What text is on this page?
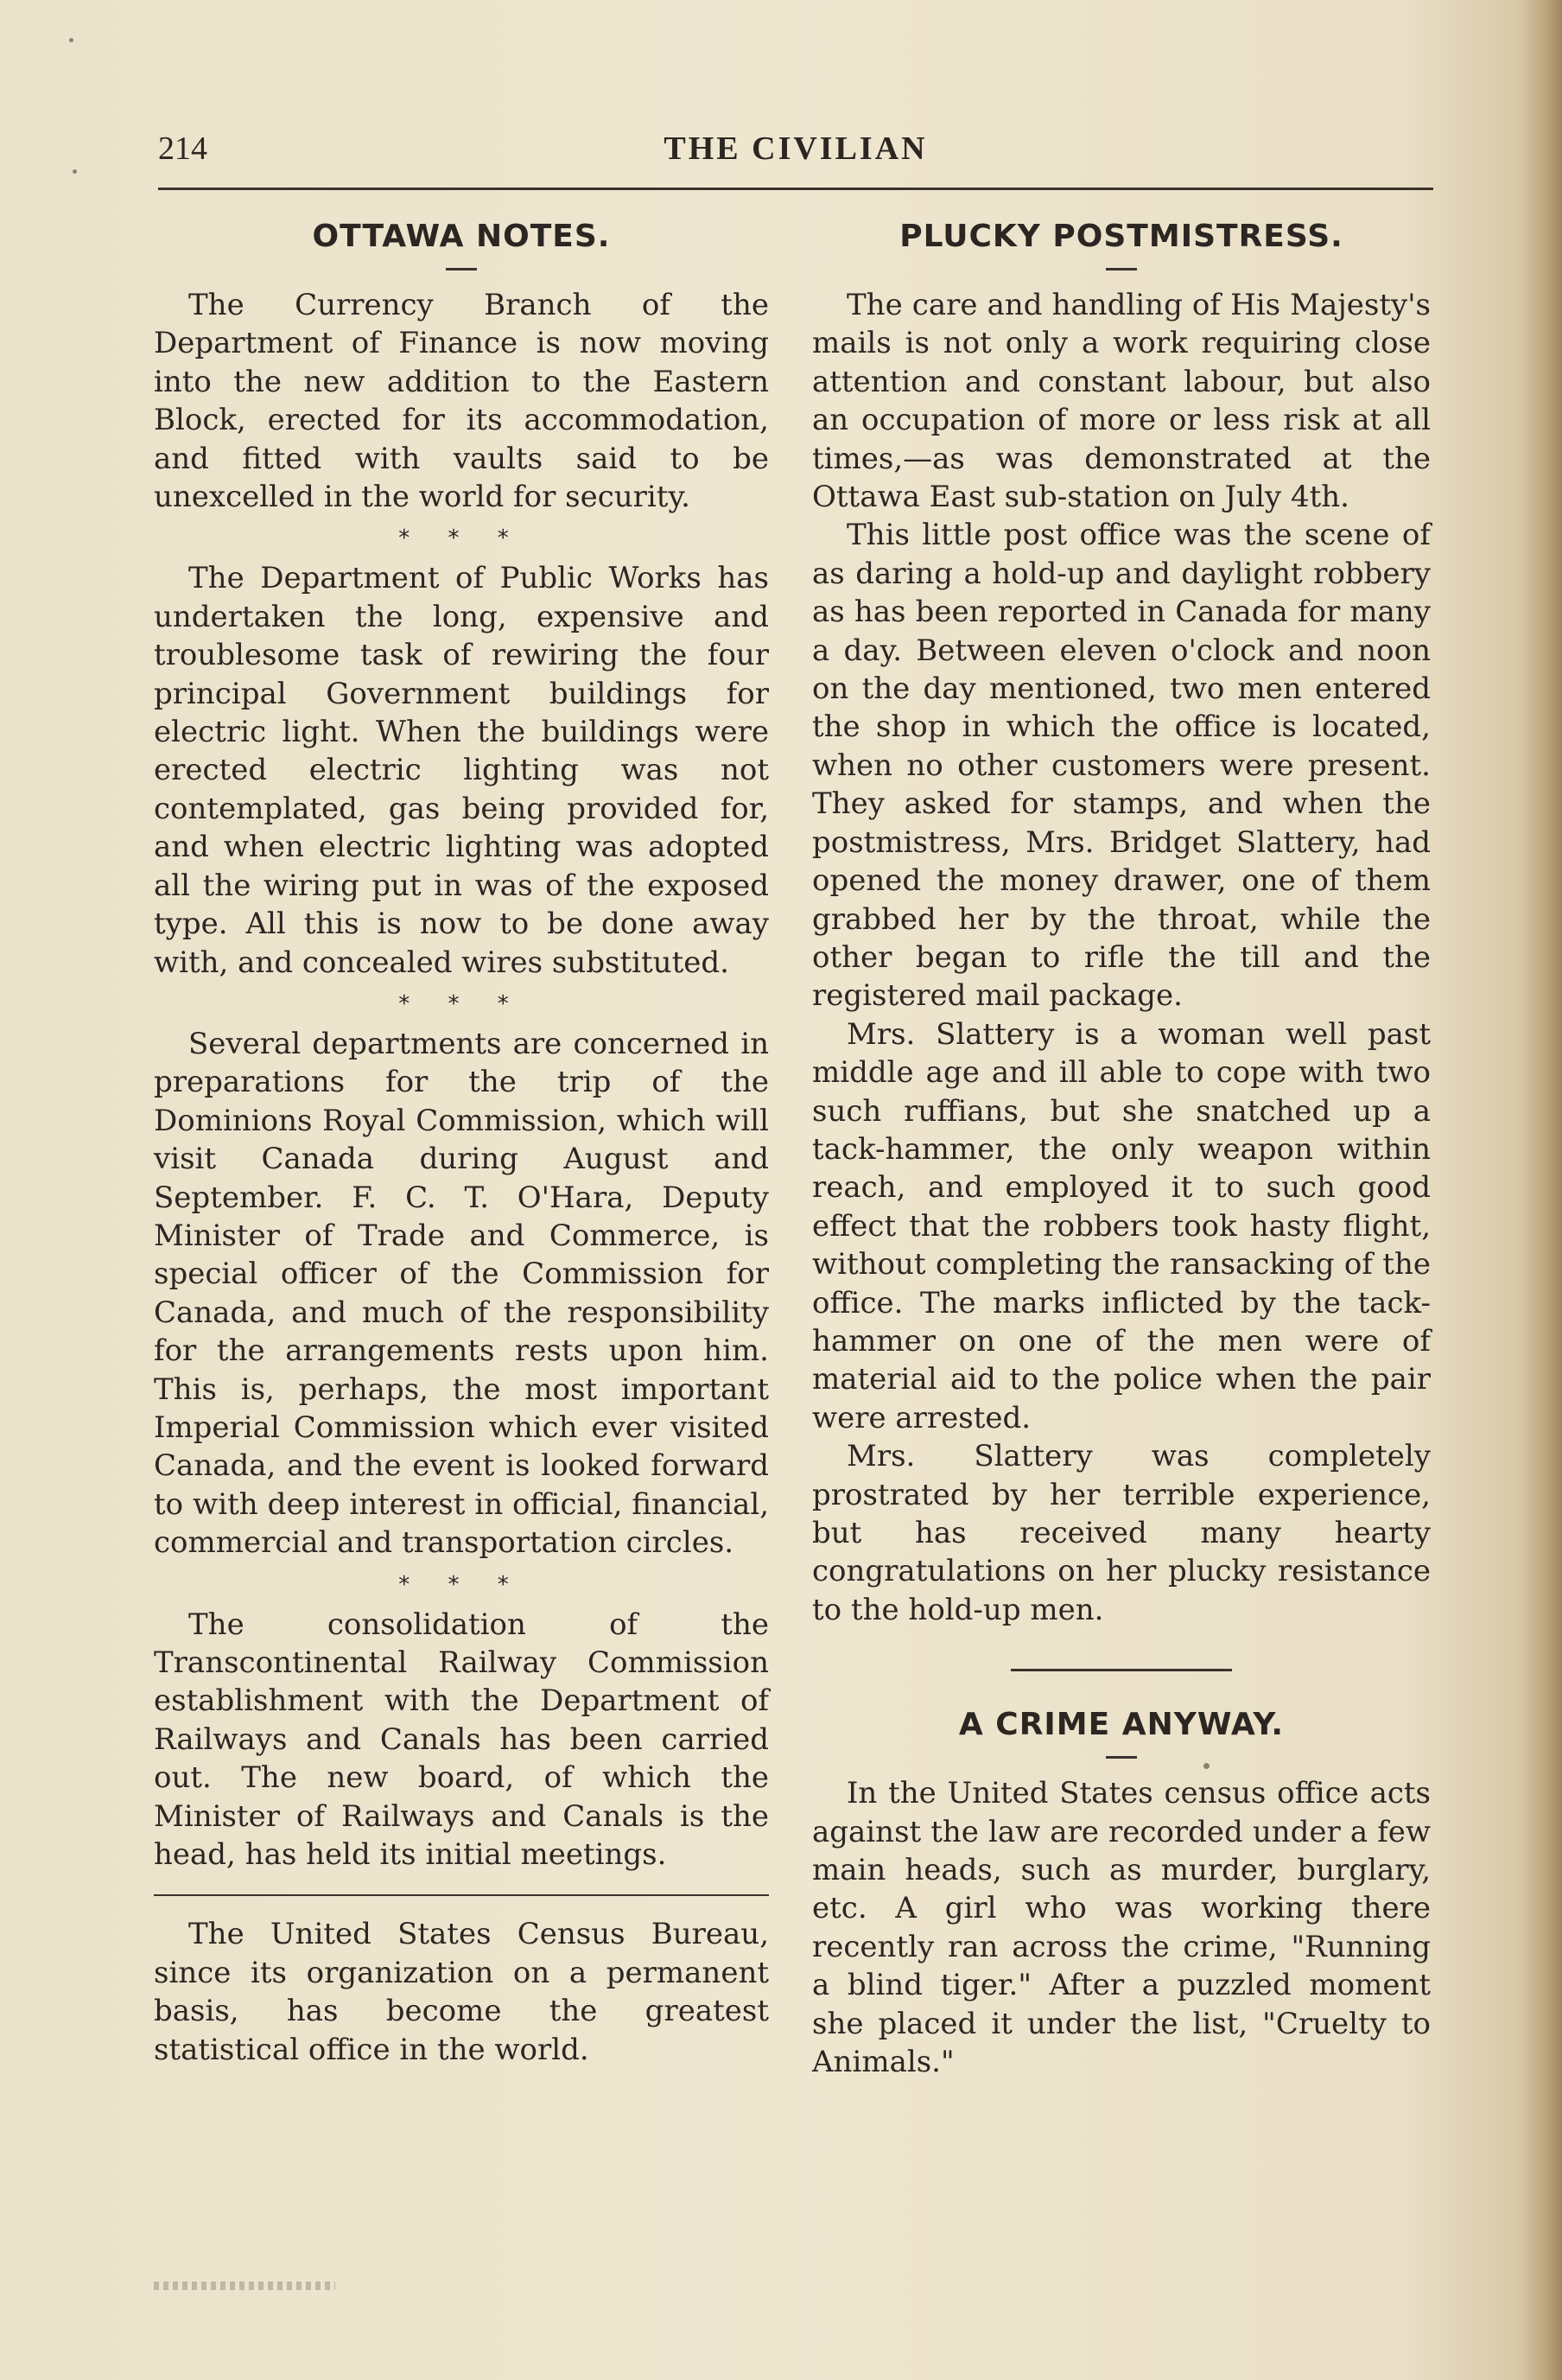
214	THE CIVILIAN
OTTAWA NOTES.

The Currency Branch of the Department of Finance is now moving into the new addition to the Eastern Block, erected for its accommodation, and fitted with vaults said to be unexcelled in the world for security.

* * *

The Department of Public Works has undertaken the long, expensive and troublesome task of rewiring the four principal Government buildings for electric light. When the buildings were erected electric lighting was not contemplated, gas being provided for, and when electric lighting was adopted all the wiring put in was of the exposed type. All this is now to be done away with, and concealed wires substituted.

* * *

Several departments are concerned in preparations for the trip of the Dominions Royal Commission, which will visit Canada during August and September. F. C. T. O'Hara, Deputy Minister of Trade and Commerce, is special officer of the Commission for Canada, and much of the responsibility for the arrangements rests upon him. This is, perhaps, the most important Imperial Commission which ever visited Canada, and the event is looked forward to with deep interest in official, financial, commercial and transportation circles.

* * *

The consolidation of the Transcontinental Railway Commission establishment with the Department of Railways and Canals has been carried out. The new board, of which the Minister of Railways and Canals is the head, has held its initial meetings.

The United States Census Bureau, since its organization on a permanent basis, has become the greatest statistical office in the world.

PLUCKY POSTMISTRESS.

The care and handling of His Majesty's mails is not only a work requiring close attention and constant labour, but also an occupation of more or less risk at all times,—as was demonstrated at the Ottawa East sub-station on July 4th.

This little post office was the scene of as daring a hold-up and daylight robbery as has been reported in Canada for many a day. Between eleven o'clock and noon on the day mentioned, two men entered the shop in which the office is located, when no other customers were present. They asked for stamps, and when the postmistress, Mrs. Bridget Slattery, had opened the money drawer, one of them grabbed her by the throat, while the other began to rifle the till and the registered mail package.

Mrs. Slattery is a woman well past middle age and ill able to cope with two such ruffians, but she snatched up a tack-hammer, the only weapon within reach, and employed it to such good effect that the robbers took hasty flight, without completing the ransacking of the office. The marks inflicted by the tack-hammer on one of the men were of material aid to the police when the pair were arrested.

Mrs. Slattery was completely prostrated by her terrible experience, but has received many hearty congratulations on her plucky resistance to the hold-up men.

A CRIME ANYWAY.

In the United States census office acts against the law are recorded under a few main heads, such as murder, burglary, etc. A girl who was working there recently ran across the crime, "Running a blind tiger." After a puzzled moment she placed it under the list, "Cruelty to Animals."
